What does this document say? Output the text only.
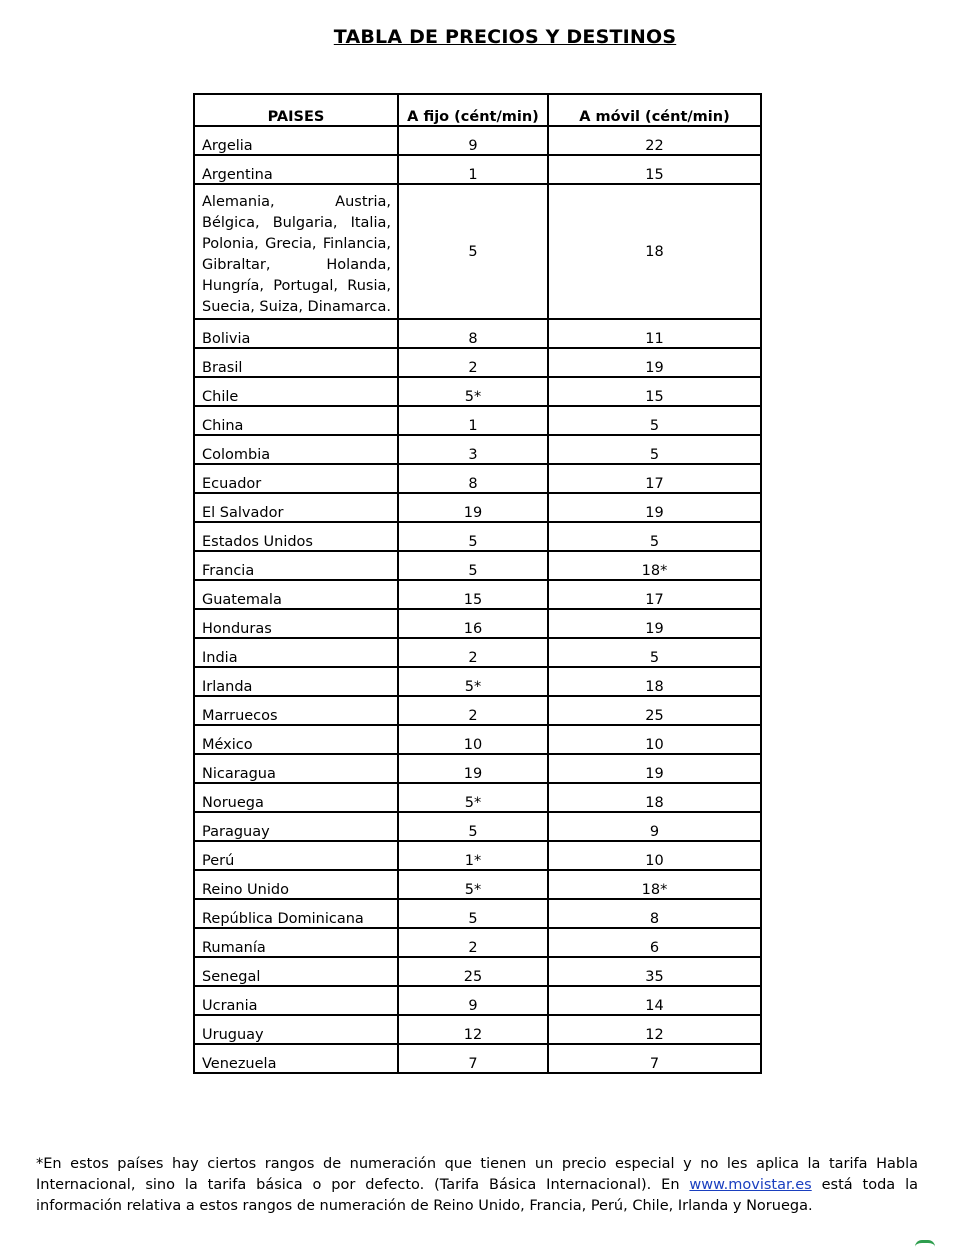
TABLA DE PRECIOS Y DESTINOS
PAISES	A fijo (cént/min)	A móvil (cént/min)
Argelia	9	22
Argentina	1	15
Alemania, Austria, Bélgica, Bulgaria, Italia, Polonia, Grecia, Finlancia, Gibraltar, Holanda, Hungría, Portugal, Rusia, Suecia, Suiza, Dinamarca.	5	18
Bolivia	8	11
Brasil	2	19
Chile	5*	15
China	1	5
Colombia	3	5
Ecuador	8	17
El Salvador	19	19
Estados Unidos	5	5
Francia	5	18*
Guatemala	15	17
Honduras	16	19
India	2	5
Irlanda	5*	18
Marruecos	2	25
México	10	10
Nicaragua	19	19
Noruega	5*	18
Paraguay	5	9
Perú	1*	10
Reino Unido	5*	18*
República Dominicana	5	8
Rumanía	2	6
Senegal	25	35
Ucrania	9	14
Uruguay	12	12
Venezuela	7	7
*En estos países hay ciertos rangos de numeración que tienen un precio especial y no les aplica la tarifa Habla Internacional, sino la tarifa básica o por defecto. (Tarifa Básica Internacional). En www.movistar.es está toda la información relativa a estos rangos de numeración de Reino Unido, Francia, Perú, Chile, Irlanda y Noruega.
